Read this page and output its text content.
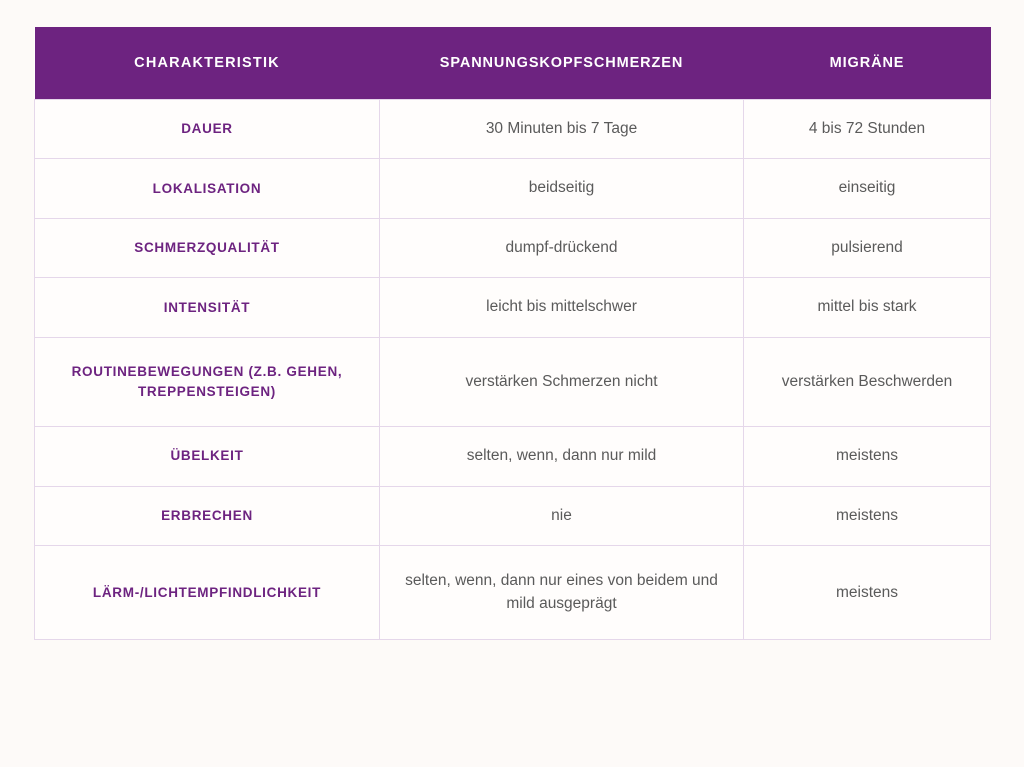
CHARAKTERISTIK	SPANNUNGSKOPFSCHMERZEN	MIGRÄNE
DAUER	30 Minuten bis 7 Tage	4 bis 72 Stunden
LOKALISATION	beidseitig	einseitig
SCHMERZQUALITÄT	dumpf-drückend	pulsierend
INTENSITÄT	leicht bis mittelschwer	mittel bis stark
ROUTINEBEWEGUNGEN (Z.B. GEHEN, TREPPENSTEIGEN)	verstärken Schmerzen nicht	verstärken Beschwerden
ÜBELKEIT	selten, wenn, dann nur mild	meistens
ERBRECHEN	nie	meistens
LÄRM-/LICHTEMPFINDLICHKEIT	selten, wenn, dann nur eines von beidem und mild ausgeprägt	meistens
